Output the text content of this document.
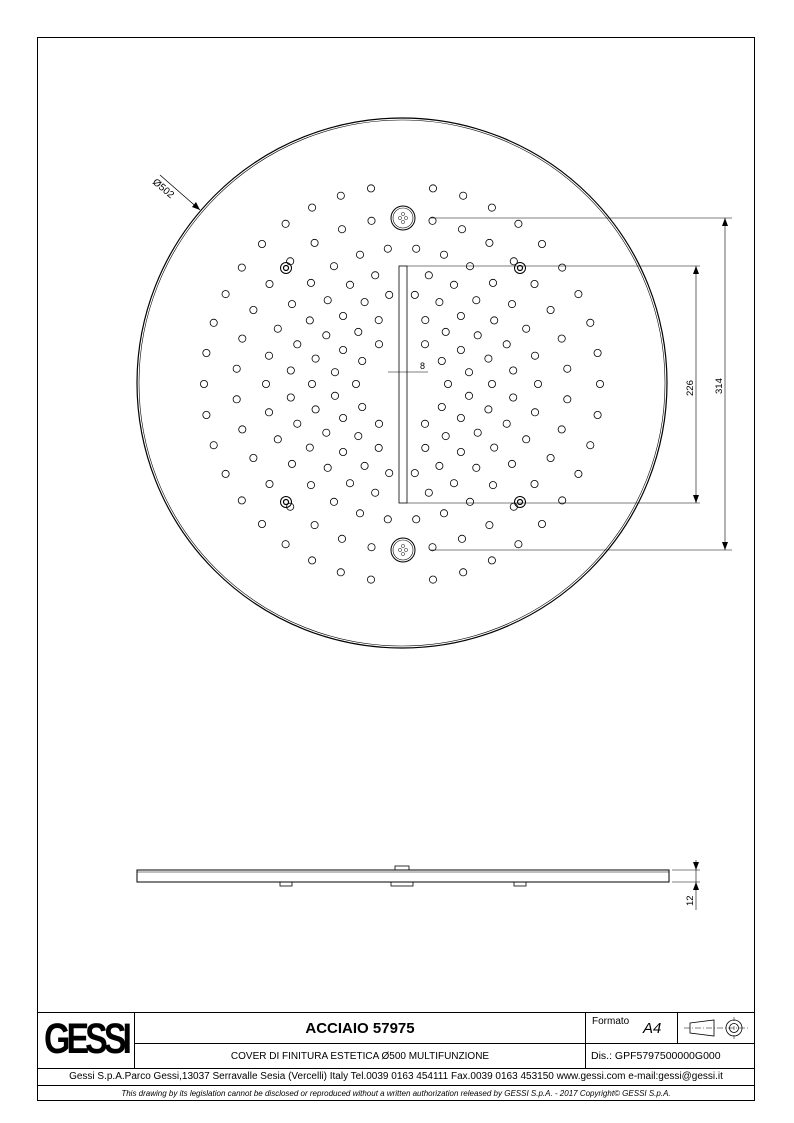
Ø502
8
226 314
12
GESSI	ACCIAIO 57975
COVER DI FINITURA ESTETICA Ø500 MULTIFUNZIONE
Formato A4
Dis.: GPF5797500000G000
Gessi S.p.A.Parco Gessi,13037 Serravalle Sesia (Vercelli) Italy Tel.0039 0163 454111 Fax.0039 0163 453150 www.gessi.com e-mail:gessi@gessi.it
This drawing by its legislation cannot be disclosed or reproduced without a written authorization released by GESSI S.p.A. - 2017 Copyright© GESSI S.p.A.
